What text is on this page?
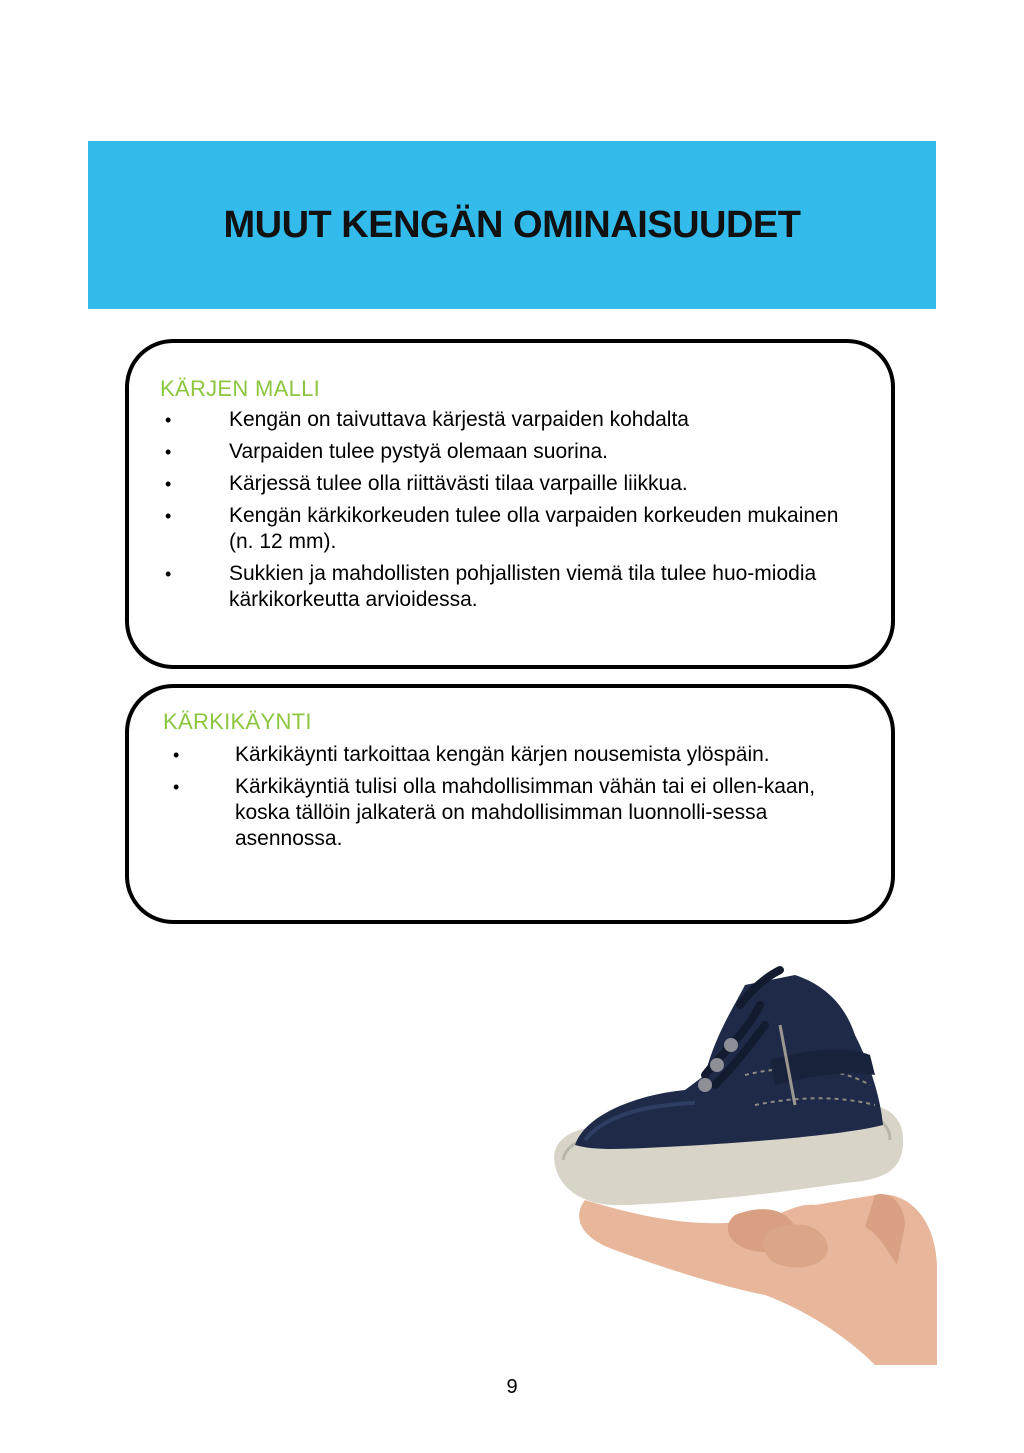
MUUT KENGÄN OMINAISUUDET
KÄRJEN MALLI
•	Kengän on taivuttava kärjestä varpaiden kohdalta
•	Varpaiden tulee pystyä olemaan suorina.
•	Kärjessä tulee olla riittävästi tilaa varpaille liikkua.
•	Kengän kärkikorkeuden tulee olla varpaiden korkeuden mukainen (n. 12 mm).
•	Sukkien ja mahdollisten pohjallisten viemä tila tulee huo-miodia kärkikorkeutta arvioidessa.
KÄRKIKÄYNTI
•	Kärkikäynti tarkoittaa kengän kärjen nousemista ylöspäin.
•	Kärkikäyntiä tulisi olla mahdollisimman vähän tai ei ollen-kaan, koska tällöin jalkaterä on mahdollisimman luonnolli-sessa asennossa.
9
